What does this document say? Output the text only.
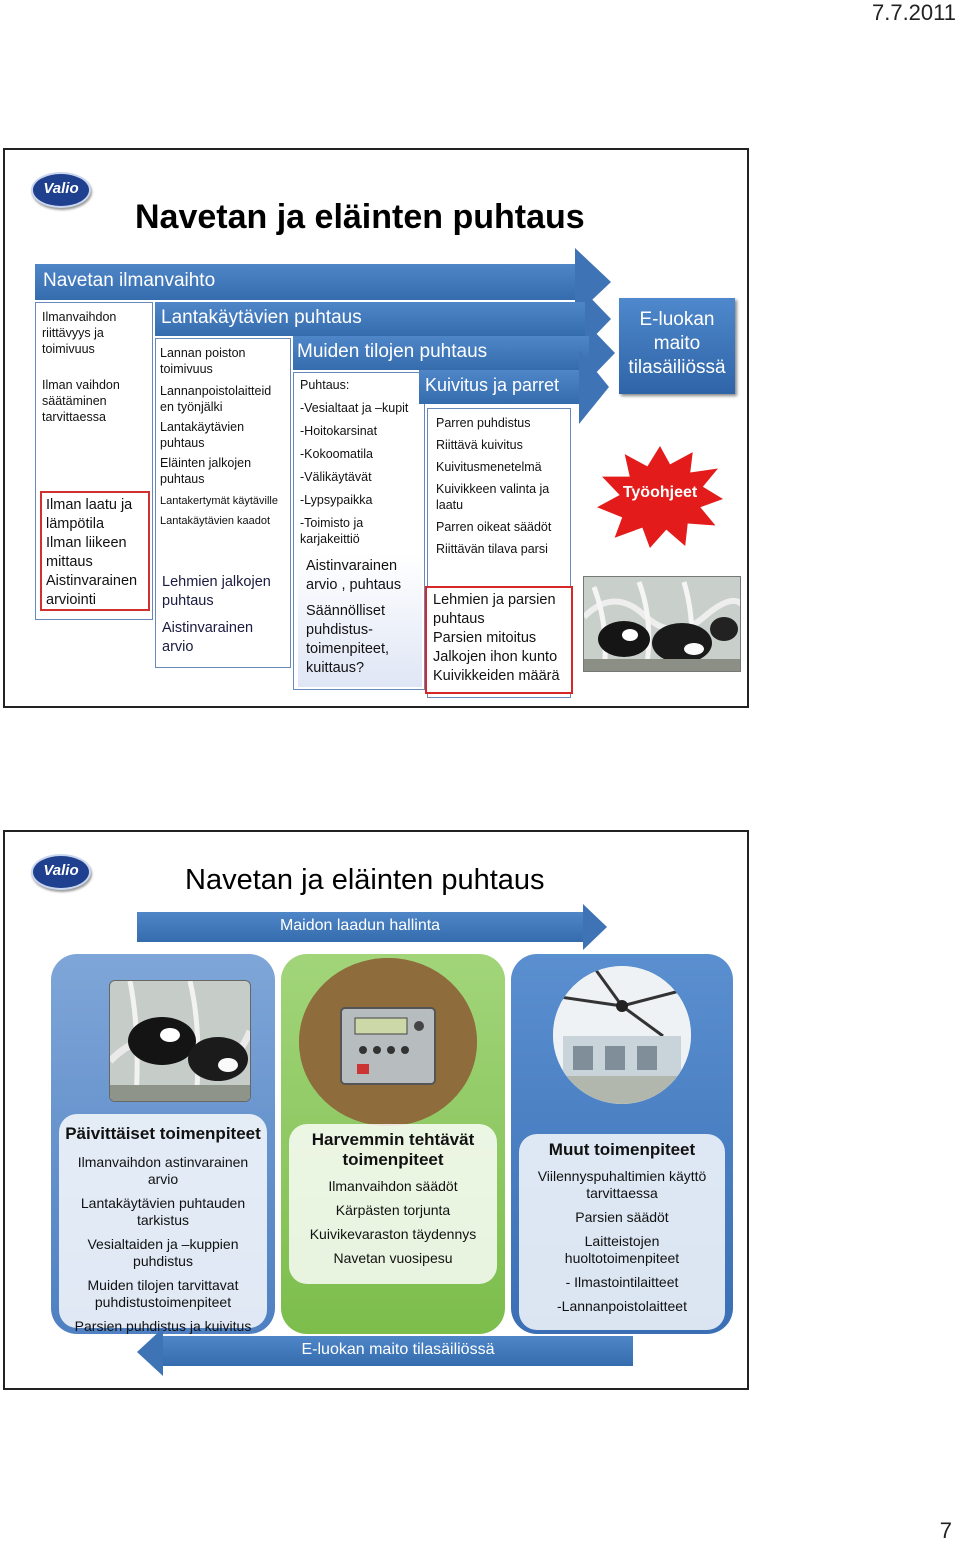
7.7.2011
7
Valio
Navetan ja eläinten puhtaus
Navetan ilmanvaihto
Ilmanvaihdon
riittävyys ja
toimivuus
Ilman vaihdon
säätäminen
tarvittaessa
Ilman laatu ja
lämpötila
Ilman liikeen
mittaus
Aistinvarainen
arviointi
Lantakäytävien puhtaus
Lannan poiston toimivuus
Lannanpoistolaitteid en työnjälki
Lantakäytävien puhtaus
Eläinten jalkojen puhtaus
Lantakertymät käytäville
Lantakäytävien kaadot
Lehmien jalkojen
puhtaus
Aistinvarainen
arvio
Muiden tilojen puhtaus
Puhtaus:
-Vesialtaat ja –kupit
-Hoitokarsinat
-Kokoomatila
-Välikäytävät
-Lypsypaikka
-Toimisto ja
karjakeittiö
Aistinvarainen
arvio , puhtaus
Säännölliset
puhdistus-
toimenpiteet,
kuittaus?
Kuivitus ja parret
Parren puhdistus
Riittävä kuivitus
Kuivitusmenetelmä
Kuivikkeen valinta ja
laatu
Parren oikeat säädöt
Riittävän tilava parsi
Lehmien ja parsien
puhtaus
Parsien mitoitus
Jalkojen ihon kunto
Kuivikkeiden määrä
E-luokan
maito
tilasäiliössä
Työohjeet
Valio	Navetan ja eläinten puhtaus
Maidon laadun hallinta
Päivittäiset toimenpiteet
Ilmanvaihdon astinvarainen
arvio
Lantakäytävien puhtauden
tarkistus
Vesialtaiden ja –kuppien
puhdistus
Muiden tilojen tarvittavat
puhdistustoimenpiteet
Parsien puhdistus ja kuivitus
Harvemmin tehtävät
toimenpiteet
Ilmanvaihdon säädöt
Kärpästen torjunta
Kuivikevaraston täydennys
Navetan vuosipesu
Muut toimenpiteet
Viilennyspuhaltimien käyttö
tarvittaessa
Parsien säädöt
Laitteistojen
huoltotoimenpiteet
- Ilmastointilaitteet
-Lannanpoistolaitteet
E-luokan maito tilasäiliössä
